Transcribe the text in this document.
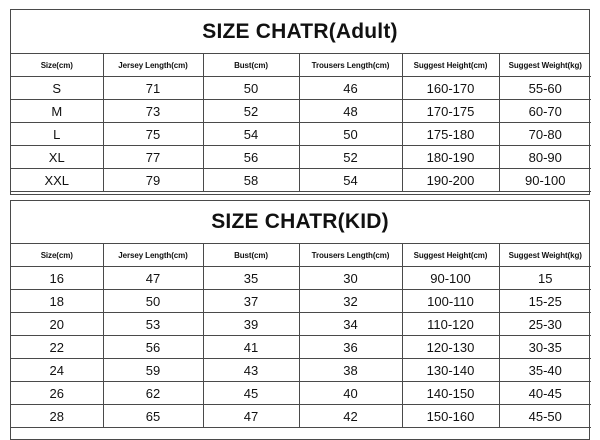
SIZE CHATR(Adult)
Size(cm)	Jersey Length(cm)	Bust(cm)	Trousers Length(cm)	Suggest Height(cm)	Suggest Weight(kg)
S	71	50	46	160-170	55-60
M	73	52	48	170-175	60-70
L	75	54	50	175-180	70-80
XL	77	56	52	180-190	80-90
XXL	79	58	54	190-200	90-100
SIZE CHATR(KID)
Size(cm)	Jersey Length(cm)	Bust(cm)	Trousers Length(cm)	Suggest Height(cm)	Suggest Weight(kg)
16	47	35	30	90-100	15
18	50	37	32	100-110	15-25
20	53	39	34	110-120	25-30
22	56	41	36	120-130	30-35
24	59	43	38	130-140	35-40
26	62	45	40	140-150	40-45
28	65	47	42	150-160	45-50
